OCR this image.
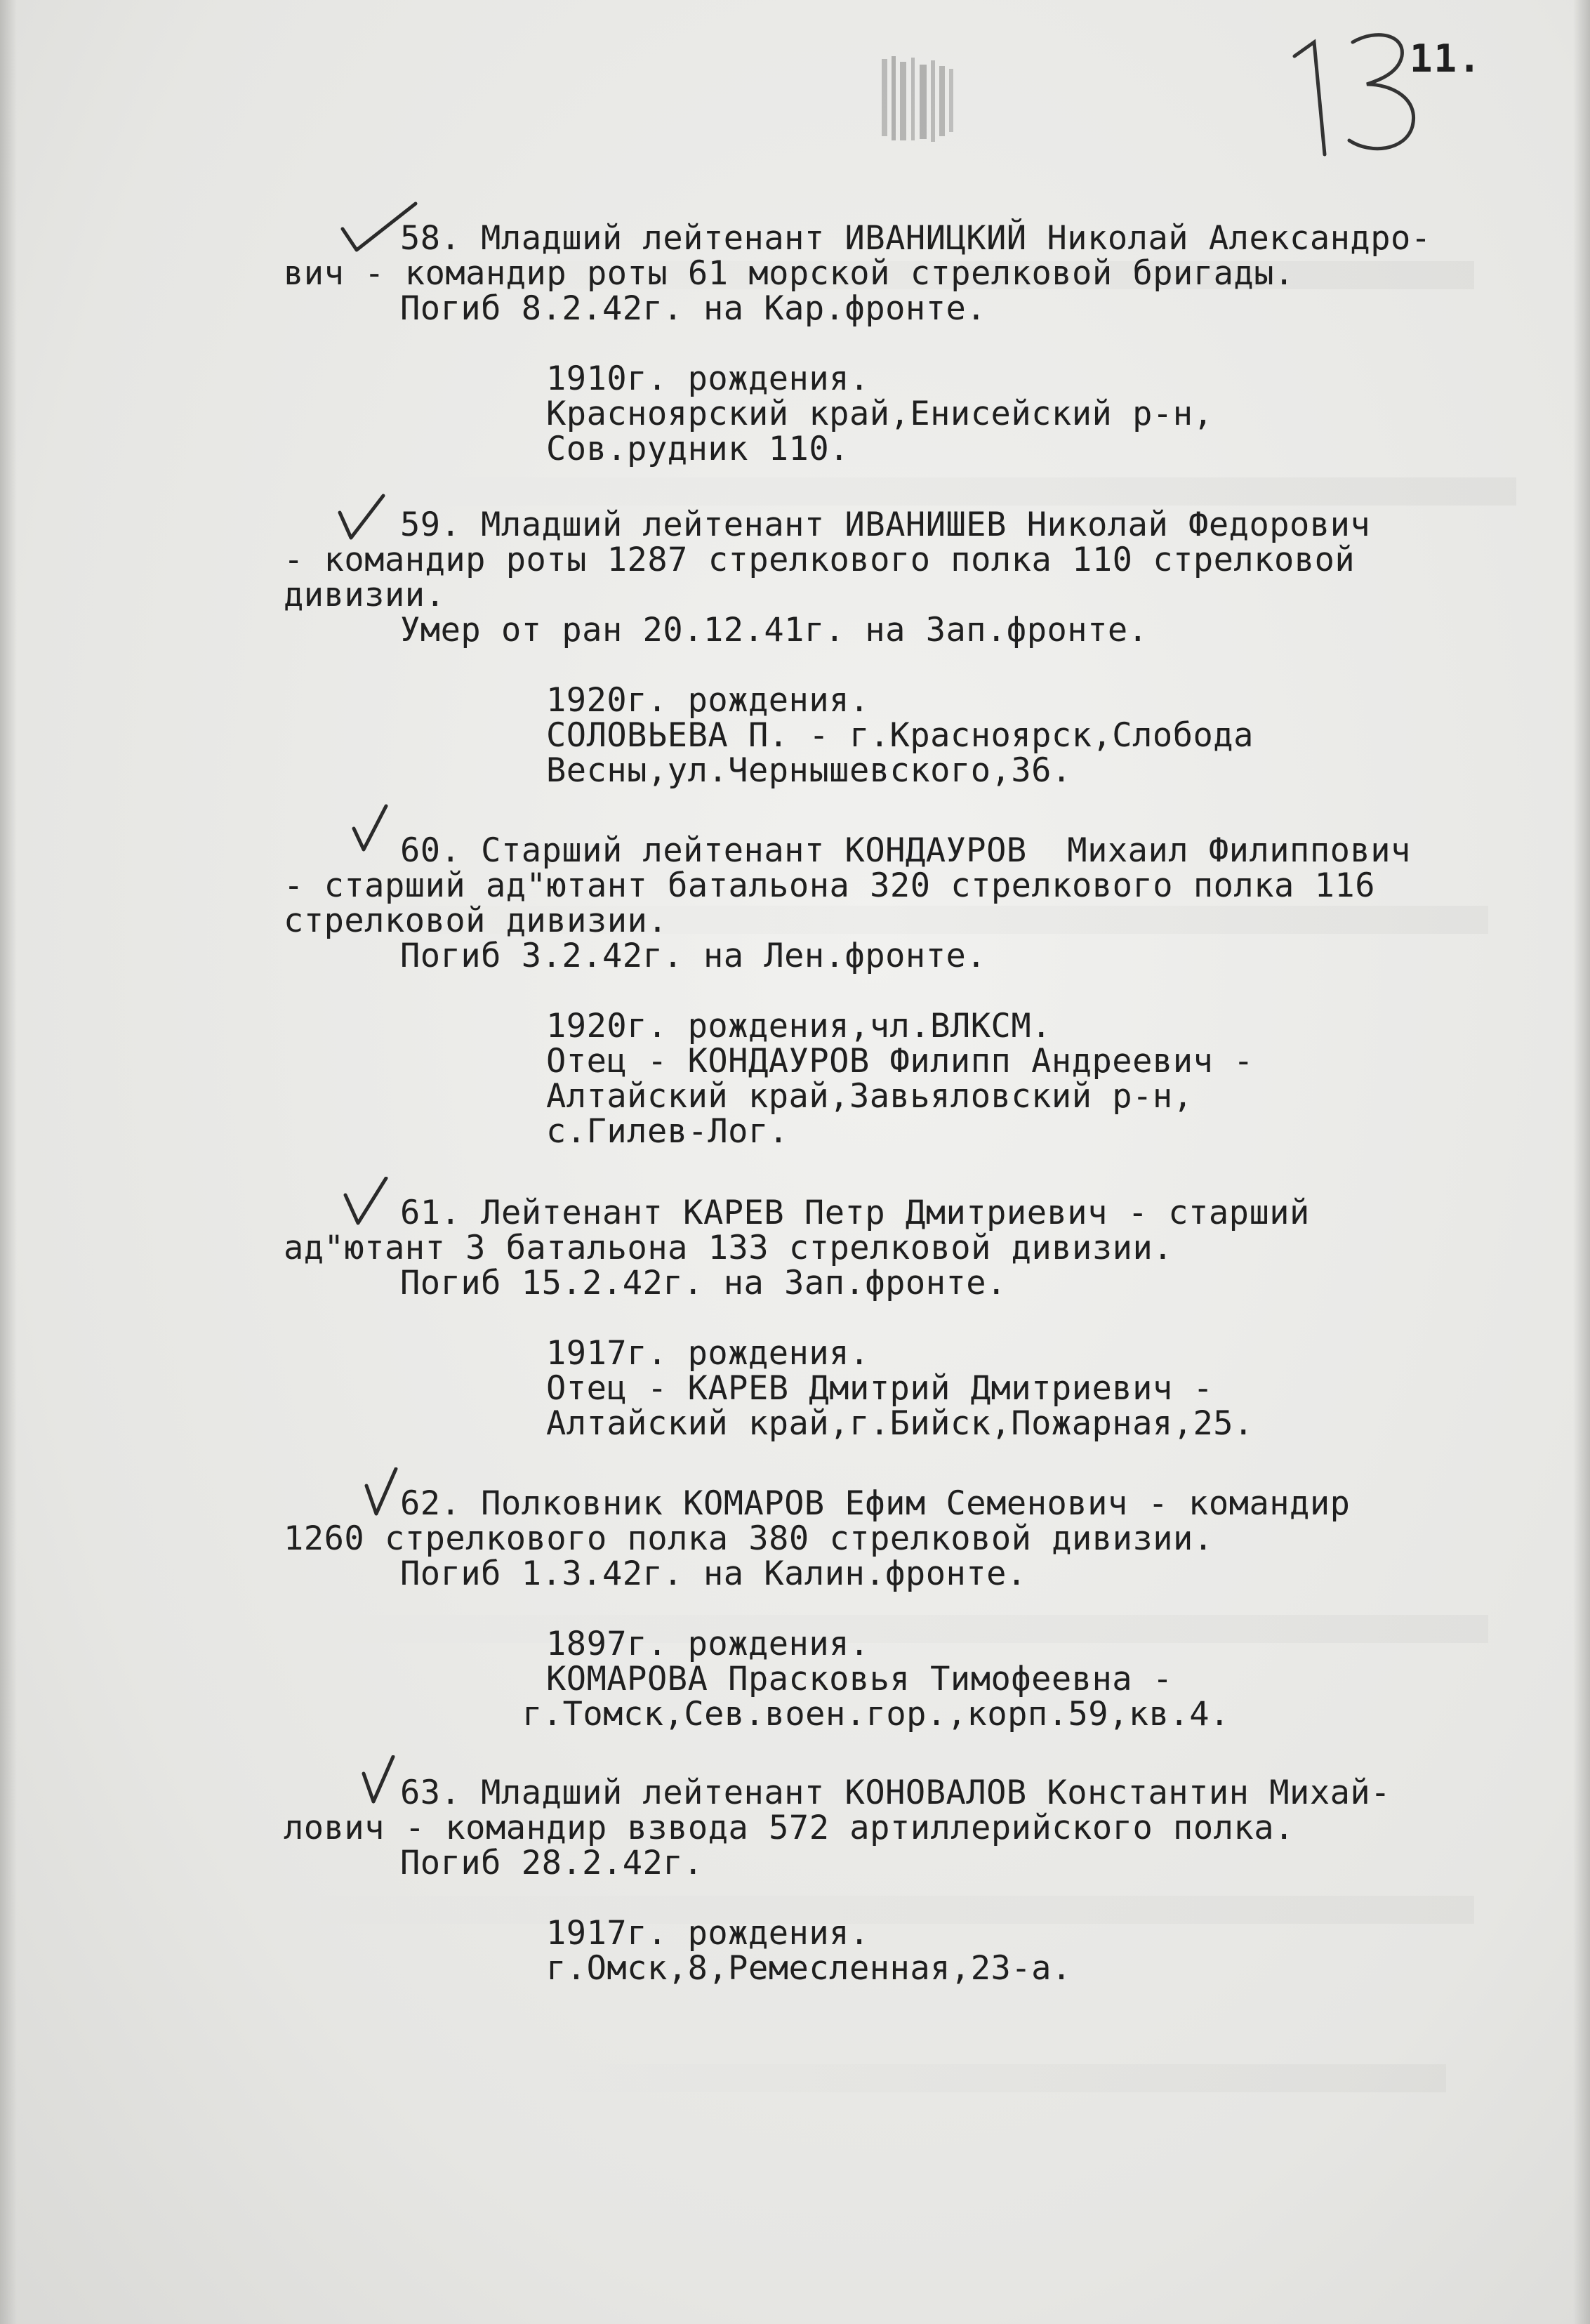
13
11.
58. Младший лейтенант ИВАНИЦКИЙ Николай Александро-
вич - командир роты 61 морской стрелковой бригады.
Погиб 8.2.42г. на Кар.фронте.
1910г. рождения.
Красноярский край,Енисейский р-н,
Сов.рудник 110.
59. Младший лейтенант ИВАНИШЕВ Николай Федорович
- командир роты 1287 стрелкового полка 110 стрелковой
дивизии.
Умер от ран 20.12.41г. на Зап.фронте.
1920г. рождения.
СОЛОВЬЕВА П. - г.Красноярск,Слобода
Весны,ул.Чернышевского,36.
60. Старший лейтенант КОНДАУРОВ  Михаил Филиппович
- старший ад"ютант батальона 320 стрелкового полка 116
стрелковой дивизии.
Погиб 3.2.42г. на Лен.фронте.
1920г. рождения,чл.ВЛКСМ.
Отец - КОНДАУРОВ Филипп Андреевич -
Алтайский край,Завьяловский р-н,
с.Гилев-Лог.
61. Лейтенант КАРЕВ Петр Дмитриевич - старший
ад"ютант 3 батальона 133 стрелковой дивизии.
Погиб 15.2.42г. на Зап.фронте.
1917г. рождения.
Отец - КАРЕВ Дмитрий Дмитриевич -
Алтайский край,г.Бийск,Пожарная,25.
62. Полковник КОМАРОВ Ефим Семенович - командир
1260 стрелкового полка 380 стрелковой дивизии.
Погиб 1.3.42г. на Калин.фронте.
1897г. рождения.
КОМАРОВА Прасковья Тимофеевна -
г.Томск,Сев.воен.гор.,корп.59,кв.4.
63. Младший лейтенант КОНОВАЛОВ Константин Михай-
лович - командир взвода 572 артиллерийского полка.
Погиб 28.2.42г.
1917г. рождения.
г.Омск,8,Ремесленная,23-а.
